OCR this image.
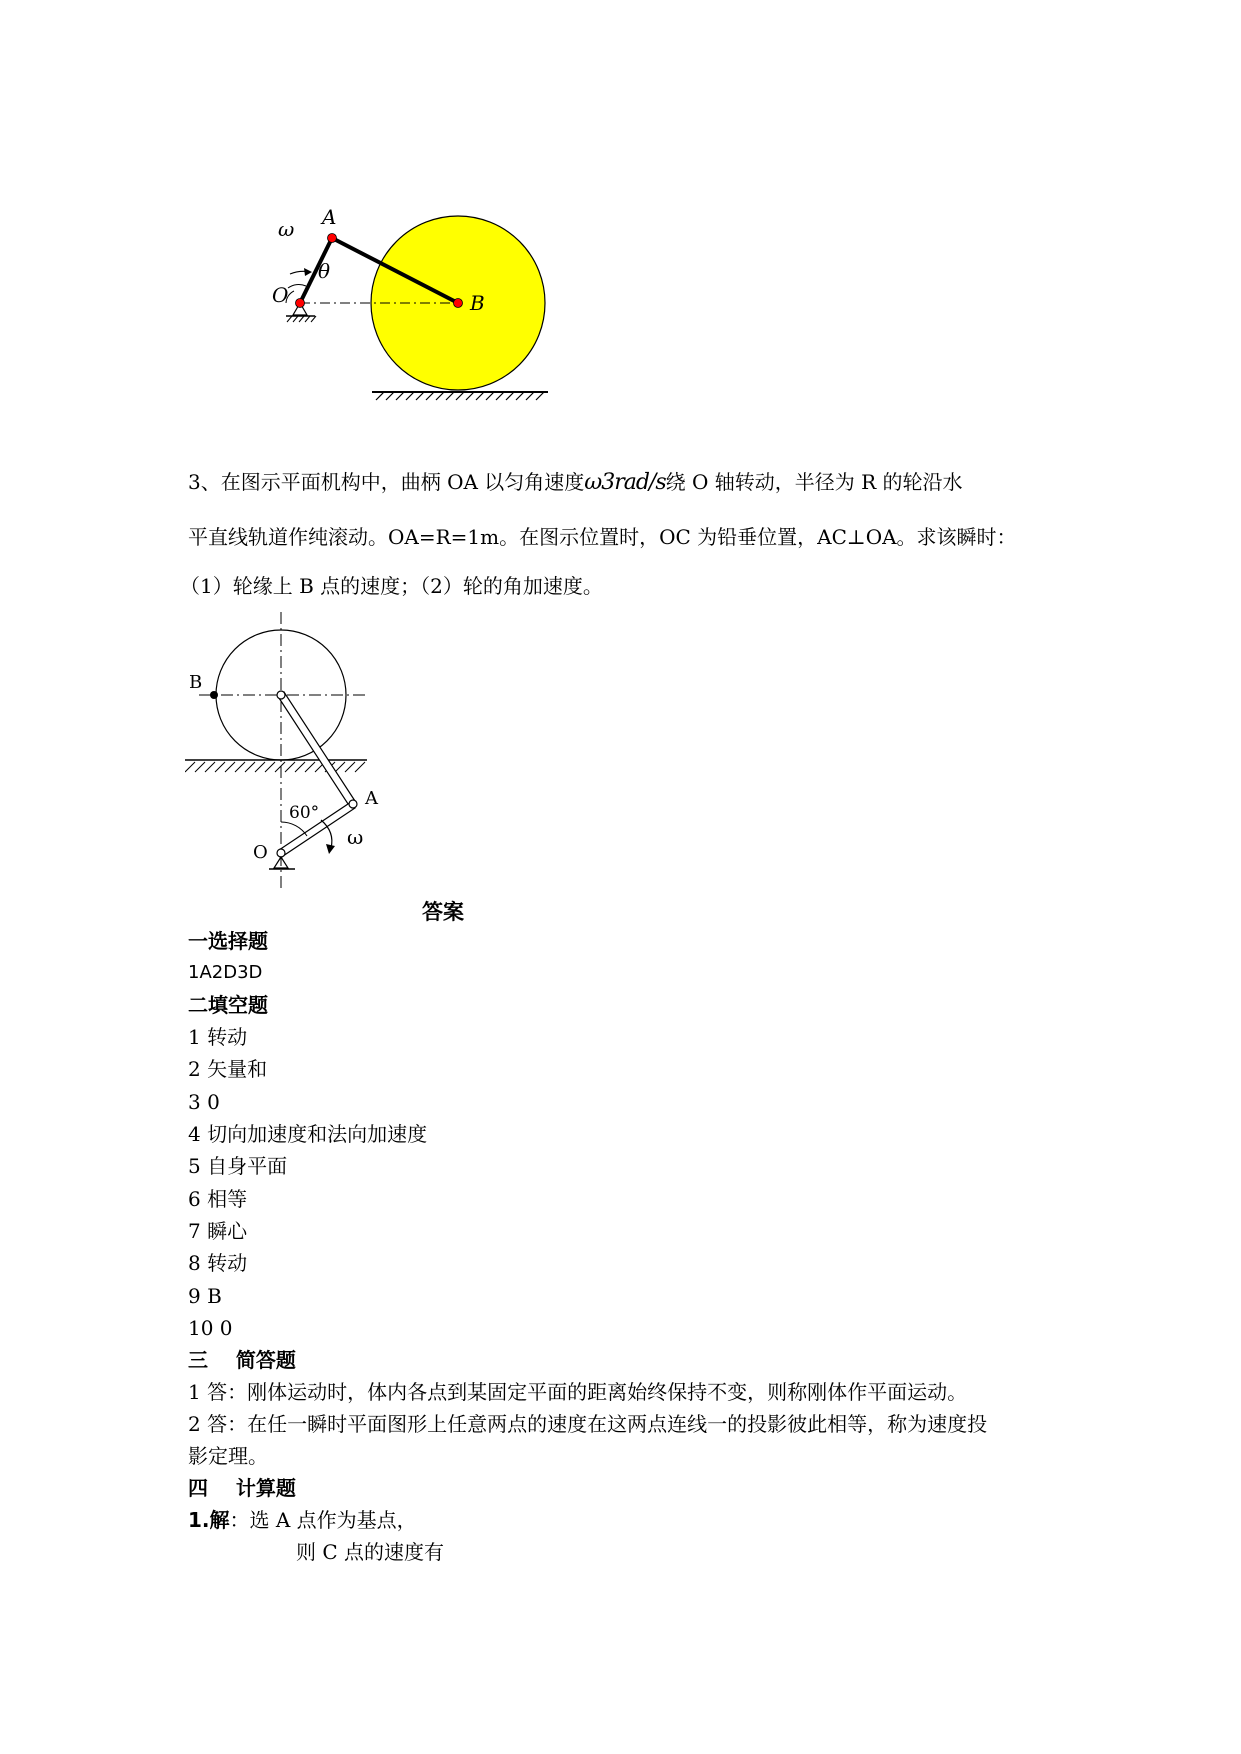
ω A
θ
O	B
3、在图示平面机构中，曲柄 OA 以匀角速度ω3rad/s绕 O 轴转动，半径为 R 的轮沿水
平直线轨道作纯滚动。OA=R=1m。在图示位置时，OC 为铅垂位置，AC⊥OA。求该瞬时：
（1）轮缘上 B 点的速度；（2）轮的角加速度。
B
A
O
60°
ω
答案
一选择题
1A2D3D
二填空题
1 转动
2 矢量和
3 0
4 切向加速度和法向加速度
5 自身平面
6 相等
7 瞬心
8 转动
9 B
10 0
三    简答题
1 答：刚体运动时，体内各点到某固定平面的距离始终保持不变，则称刚体作平面运动。
2 答：在任一瞬时平面图形上任意两点的速度在这两点连线一的投影彼此相等，称为速度投
影定理。
四    计算题
1.解：选 A 点作为基点，
则 C 点的速度有
